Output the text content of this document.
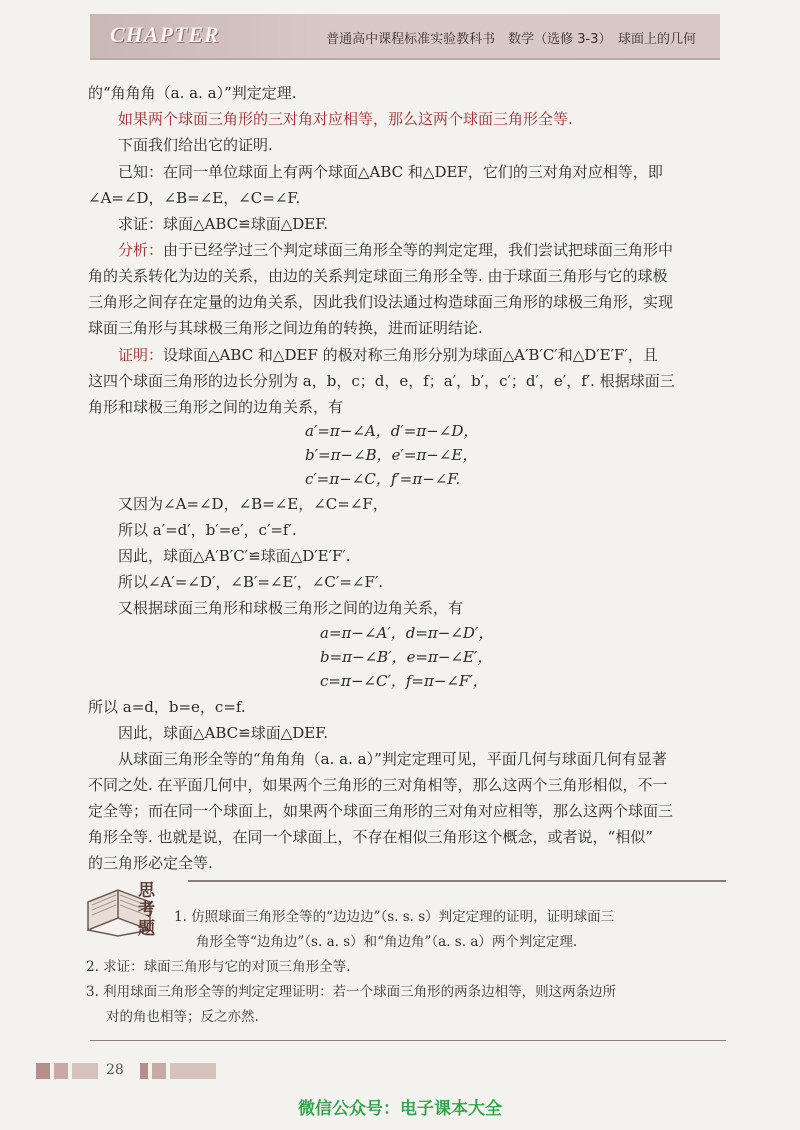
CHAPTER	普通高中课程标准实验教科书　数学（选修 3-3）　球面上的几何
的“角角角（a. a. a）”判定定理.
如果两个球面三角形的三对角对应相等，那么这两个球面三角形全等.
下面我们给出它的证明.
已知：在同一单位球面上有两个球面△ABC 和△DEF，它们的三对角对应相等，即
∠A=∠D，∠B=∠E，∠C=∠F.
求证：球面△ABC≌球面△DEF.
分析：由于已经学过三个判定球面三角形全等的判定定理，我们尝试把球面三角形中
角的关系转化为边的关系，由边的关系判定球面三角形全等. 由于球面三角形与它的球极
三角形之间存在定量的边角关系，因此我们设法通过构造球面三角形的球极三角形，实现
球面三角形与其球极三角形之间边角的转换，进而证明结论.
证明：设球面△ABC 和△DEF 的极对称三角形分别为球面△A′B′C′和△D′E′F′，且
这四个球面三角形的边长分别为 a，b，c；d，e，f；a′，b′，c′；d′，e′，f′. 根据球面三
角形和球极三角形之间的边角关系，有
a′=π−∠A，d′=π−∠D，
b′=π−∠B，e′=π−∠E，
c′=π−∠C，f′=π−∠F.
又因为∠A=∠D，∠B=∠E，∠C=∠F，
所以 a′=d′，b′=e′，c′=f′.
因此，球面△A′B′C′≌球面△D′E′F′.
所以∠A′=∠D′，∠B′=∠E′，∠C′=∠F′.
又根据球面三角形和球极三角形之间的边角关系，有
a=π−∠A′，d=π−∠D′，
b=π−∠B′，e=π−∠E′，
c=π−∠C′，f=π−∠F′，
所以 a=d，b=e，c=f.
因此，球面△ABC≌球面△DEF.
从球面三角形全等的“角角角（a. a. a）”判定定理可见，平面几何与球面几何有显著
不同之处. 在平面几何中，如果两个三角形的三对角相等，那么这两个三角形相似，不一
定全等；而在同一个球面上，如果两个球面三角形的三对角对应相等，那么这两个球面三
角形全等. 也就是说，在同一个球面上，不存在相似三角形这个概念，或者说，“相似”
的三角形必定全等.
思考题
1. 仿照球面三角形全等的“边边边”（s. s. s）判定定理的证明，证明球面三
角形全等“边角边”（s. a. s）和“角边角”（a. s. a）两个判定定理.
2. 求证：球面三角形与它的对顶三角形全等.
3. 利用球面三角形全等的判定定理证明：若一个球面三角形的两条边相等，则这两条边所
对的角也相等；反之亦然.
28
微信公众号：电子课本大全
